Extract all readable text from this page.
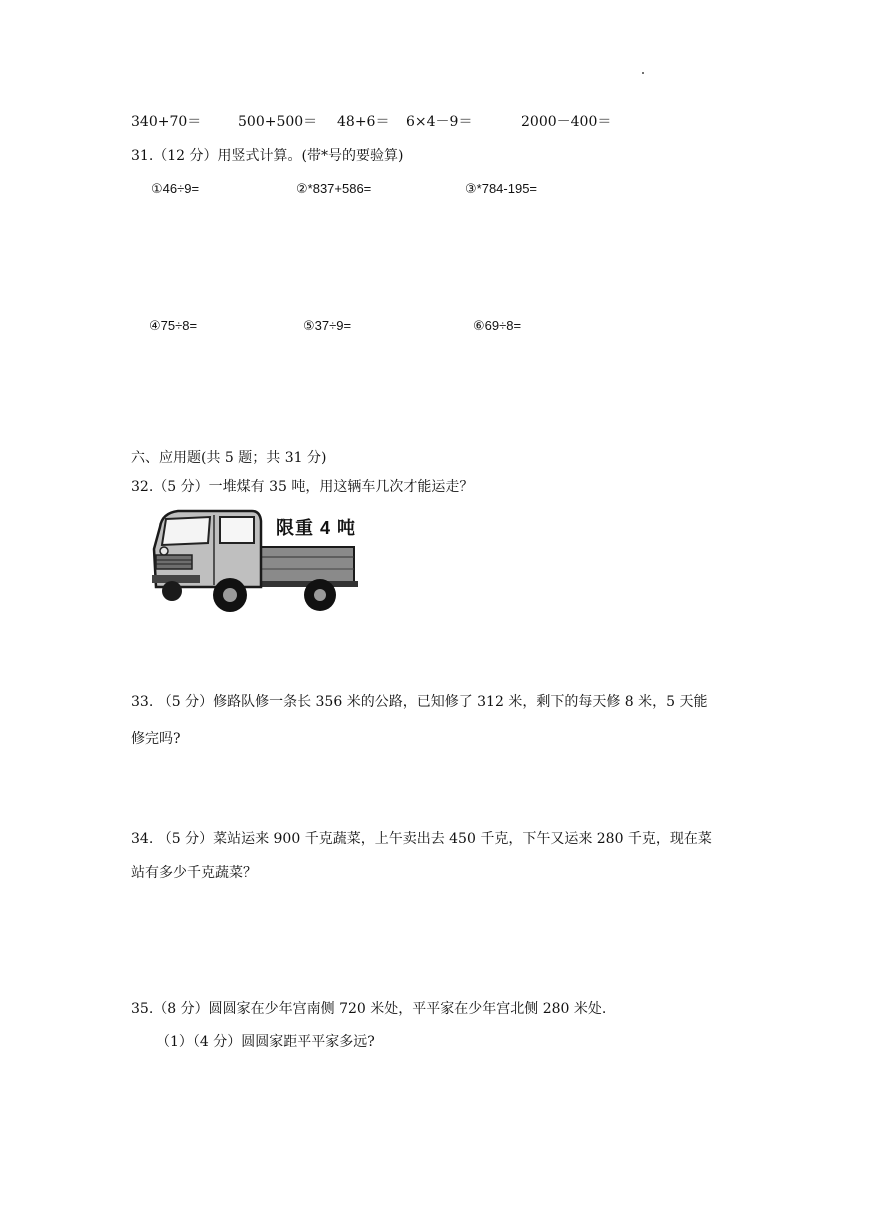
340+70＝	500+500＝ 48+6＝ 6×4－9＝	2000－400＝
31.（12 分）用竖式计算。(带*号的要验算)
①46÷9=	②*837+586=	③*784-195=
④75÷8=	⑤37÷9=	⑥69÷8=
六、应用题(共 5 题；共 31 分)
32.（5 分）一堆煤有 35 吨，用这辆车几次才能运走？
限重 4 吨
33. （5 分）修路队修一条长 356 米的公路，已知修了 312 米，剩下的每天修 8 米，5 天能
修完吗?
34. （5 分）菜站运来 900 千克蔬菜，上午卖出去 450 千克，下午又运来 280 千克，现在菜
站有多少千克蔬菜？
35.（8 分）圆圆家在少年宫南侧 720 米处，平平家在少年宫北侧 280 米处.
（1）（4 分）圆圆家距平平家多远?
